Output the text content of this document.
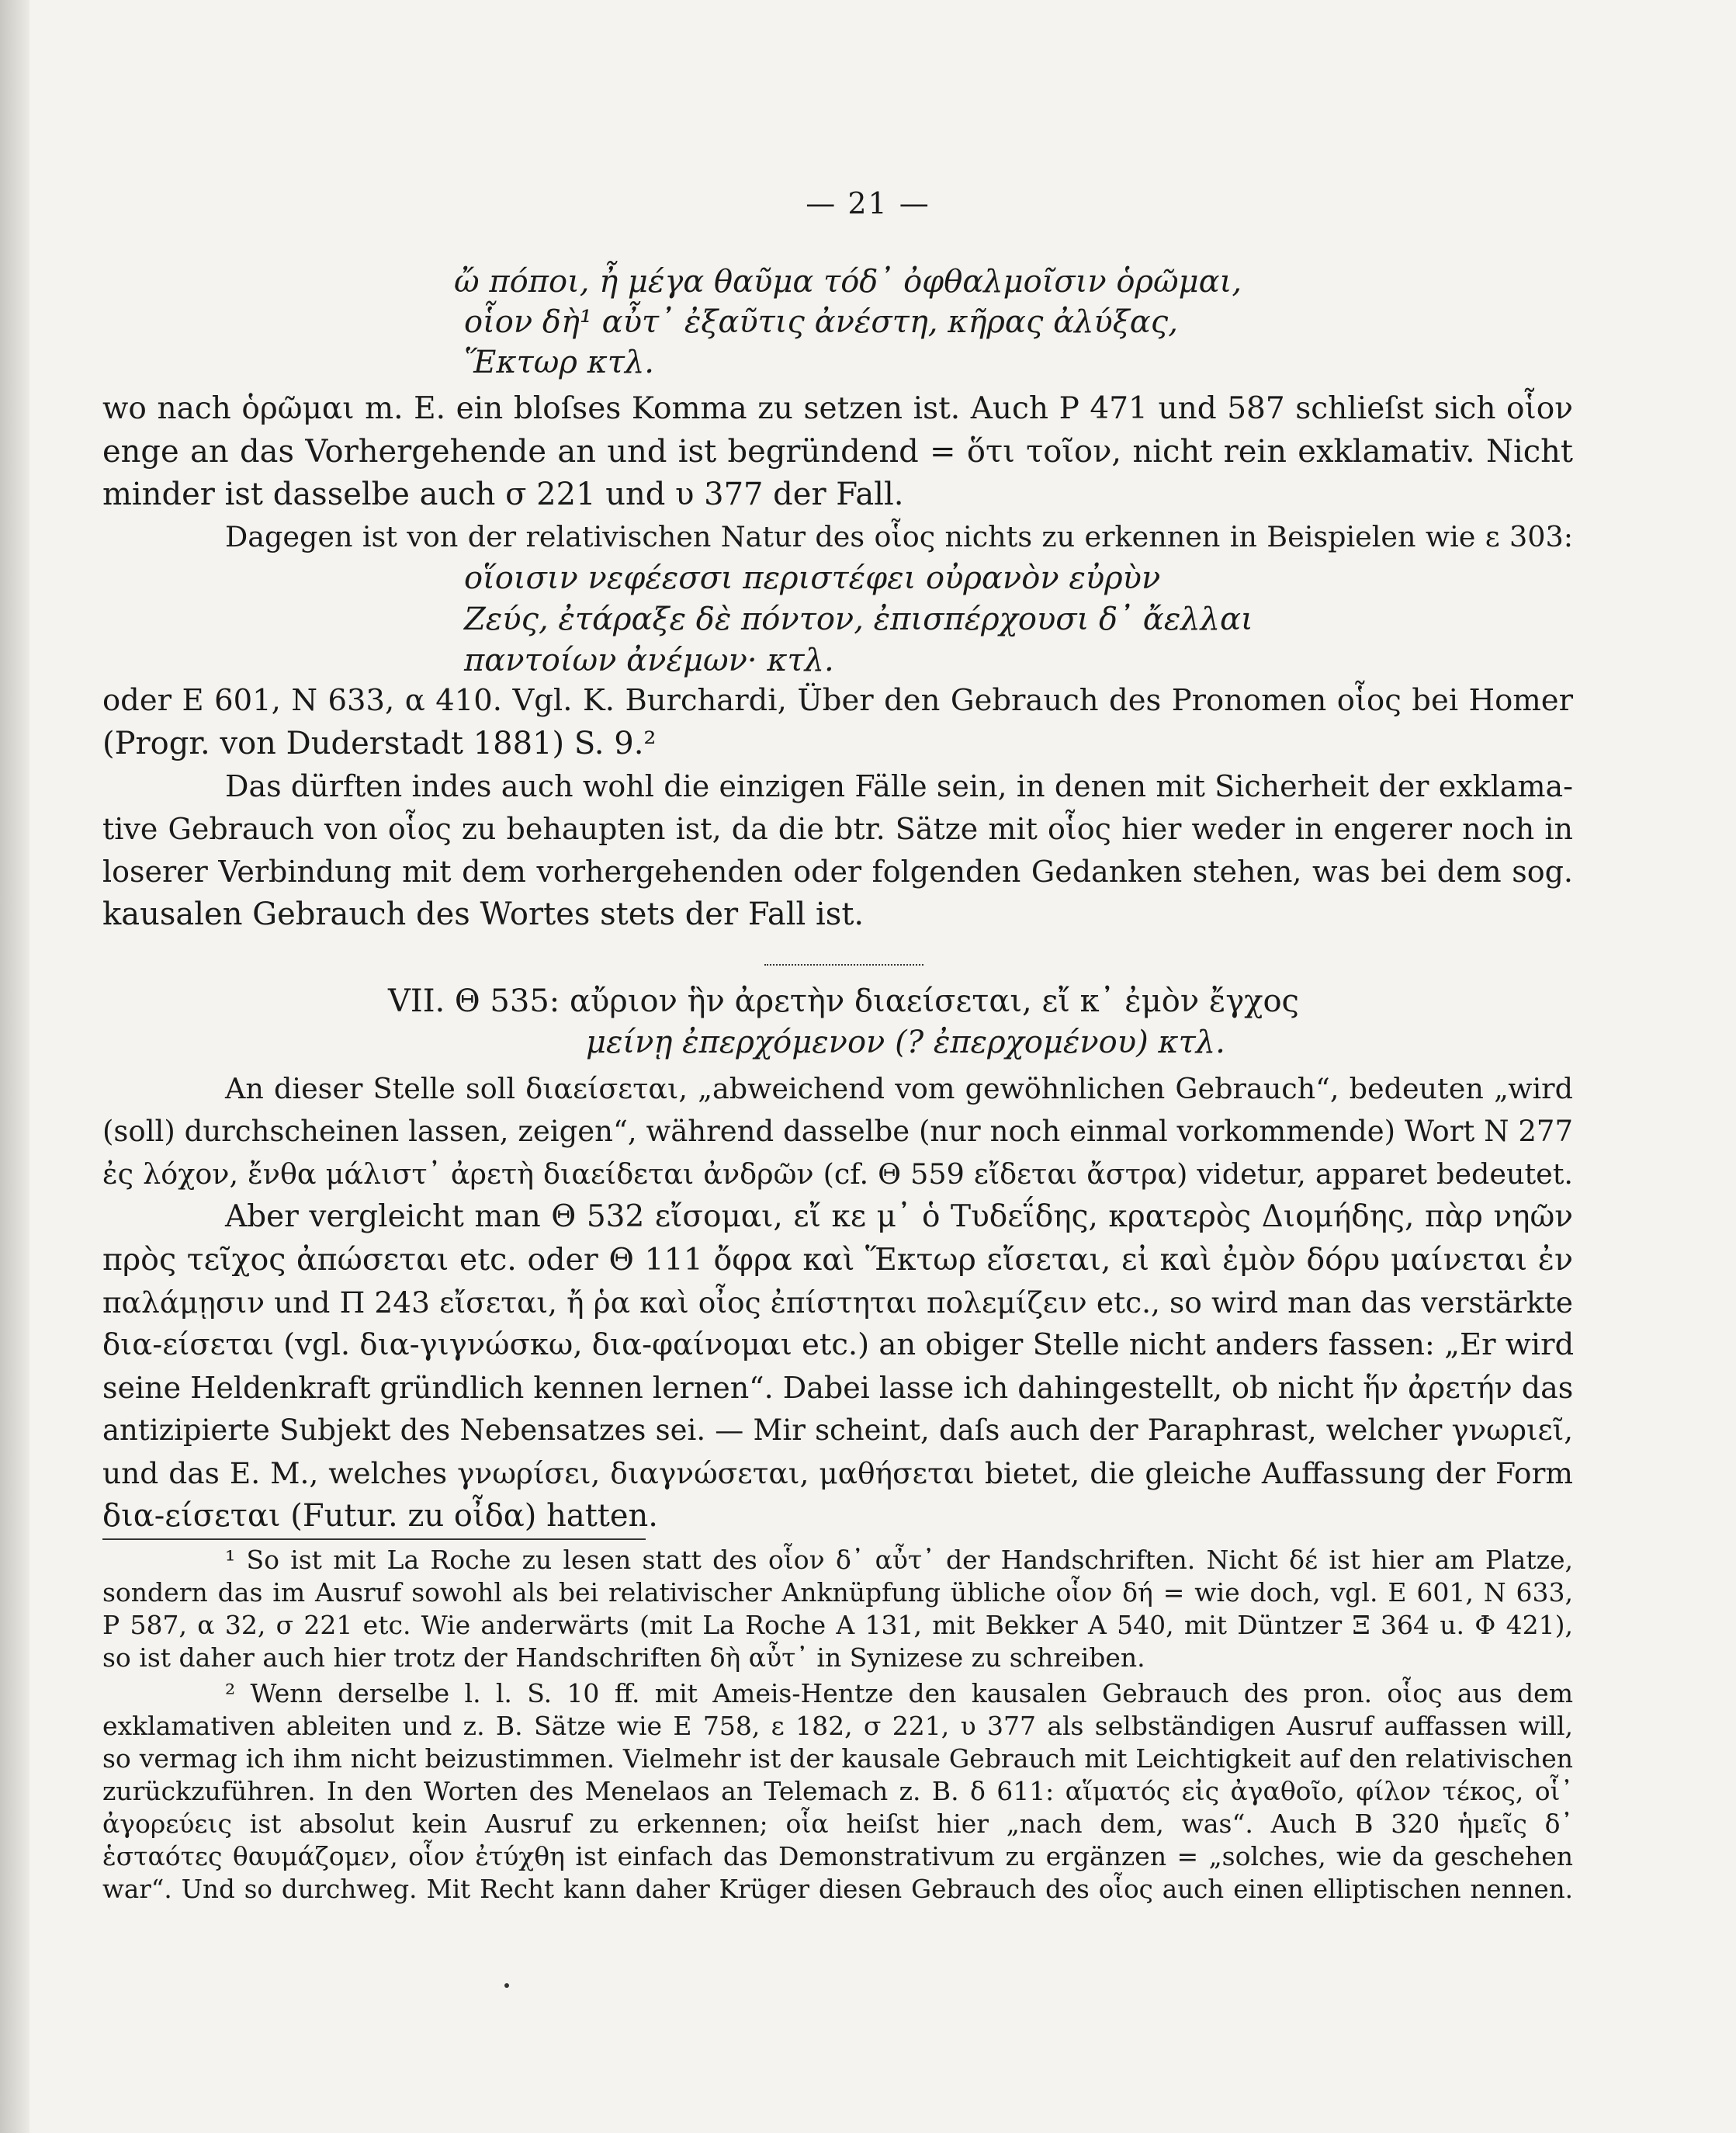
— 21 —
ὤ πόποι, ἦ μέγα θαῦμα τόδ᾽ ὀφθαλμοῖσιν ὁρῶμαι,
οἷον δὴ¹ αὖτ᾽ ἐξαῦτις ἀνέστη, κῆρας ἀλύξας,
Ἕκτωρ κτλ.
wo nach ὁρῶμαι m. E. ein bloſses Komma zu setzen ist. Auch P 471 und 587 schlieſst sich οἷον
enge an das Vorhergehende an und ist begründend = ὅτι τοῖον, nicht rein exklamativ. Nicht
minder ist dasselbe auch σ 221 und υ 377 der Fall.
Dagegen ist von der relativischen Natur des οἷος nichts zu erkennen in Beispielen wie ε 303:
οἵοισιν νεφέεσσι περιστέφει οὐρανὸν εὐρὺν
Ζεύς, ἐτάραξε δὲ πόντον, ἐπισπέρχουσι δ᾽ ἄελλαι
παντοίων ἀνέμων· κτλ.
oder E 601, N 633, α 410. Vgl. K. Burchardi, Über den Gebrauch des Pronomen οἷος bei Homer
(Progr. von Duderstadt 1881) S. 9.²
Das dürften indes auch wohl die einzigen Fälle sein, in denen mit Sicherheit der exklama-
tive Gebrauch von οἷος zu behaupten ist, da die btr. Sätze mit οἷος hier weder in engerer noch in
loserer Verbindung mit dem vorhergehenden oder folgenden Gedanken stehen, was bei dem sog.
kausalen Gebrauch des Wortes stets der Fall ist.
VII. Θ 535: αὔριον ἣν ἀρετὴν διαείσεται, εἴ κ᾽ ἐμὸν ἔγχος
μείνῃ ἐπερχόμενον (? ἐπερχομένου) κτλ.
An dieser Stelle soll διαείσεται, „abweichend vom gewöhnlichen Gebrauch“, bedeuten „wird
(soll) durchscheinen lassen, zeigen“, während dasselbe (nur noch einmal vorkommende) Wort N 277
ἐς λόχον, ἔνθα μάλιστ᾽ ἀρετὴ διαείδεται ἀνδρῶν (cf. Θ 559 εἴδεται ἄστρα) videtur, apparet bedeutet.
Aber vergleicht man Θ 532 εἴσομαι, εἴ κε μ᾽ ὁ Τυδεΐδης, κρατερὸς Διομήδης, πὰρ νηῶν
πρὸς τεῖχος ἀπώσεται etc. oder Θ 111 ὄφρα καὶ Ἕκτωρ εἴσεται, εἰ καὶ ἐμὸν δόρυ μαίνεται ἐν
παλάμῃσιν und Π 243 εἴσεται, ἤ ῥα καὶ οἶος ἐπίστηται πολεμίζειν etc., so wird man das verstärkte
δια-είσεται (vgl. δια-γιγνώσκω, δια-φαίνομαι etc.) an obiger Stelle nicht anders fassen: „Er wird
seine Heldenkraft gründlich kennen lernen“. Dabei lasse ich dahingestellt, ob nicht ἥν ἀρετήν das
antizipierte Subjekt des Nebensatzes sei. — Mir scheint, daſs auch der Paraphrast, welcher γνωριεῖ,
und das E. M., welches γνωρίσει, διαγνώσεται, μαθήσεται bietet, die gleiche Auffassung der Form
δια-είσεται (Futur. zu οἶδα) hatten.
¹ So ist mit La Roche zu lesen statt des οἷον δ᾽ αὖτ᾽ der Handschriften. Nicht δέ ist hier am Platze,
sondern das im Ausruf sowohl als bei relativischer Anknüpfung übliche οἷον δή = wie doch, vgl. E 601, N 633,
P 587, α 32, σ 221 etc. Wie anderwärts (mit La Roche A 131, mit Bekker A 540, mit Düntzer Ξ 364 u. Φ 421),
so ist daher auch hier trotz der Handschriften δὴ αὖτ᾽ in Synizese zu schreiben.
² Wenn derselbe l. l. S. 10 ff. mit Ameis-Hentze den kausalen Gebrauch des pron. οἷος aus dem
exklamativen ableiten und z. B. Sätze wie E 758, ε 182, σ 221, υ 377 als selbständigen Ausruf auffassen will,
so vermag ich ihm nicht beizustimmen. Vielmehr ist der kausale Gebrauch mit Leichtigkeit auf den relativischen
zurückzuführen. In den Worten des Menelaos an Telemach z. B. δ 611: αἵματός εἰς ἀγαθοῖο, φίλον τέκος, οἷ᾽
ἀγορεύεις ist absolut kein Ausruf zu erkennen; οἷα heiſst hier „nach dem, was“. Auch B 320 ἡμεῖς δ᾽
ἑσταότες θαυμάζομεν, οἷον ἐτύχθη ist einfach das Demonstrativum zu ergänzen = „solches, wie da geschehen
war“. Und so durchweg. Mit Recht kann daher Krüger diesen Gebrauch des οἷος auch einen elliptischen nennen.
